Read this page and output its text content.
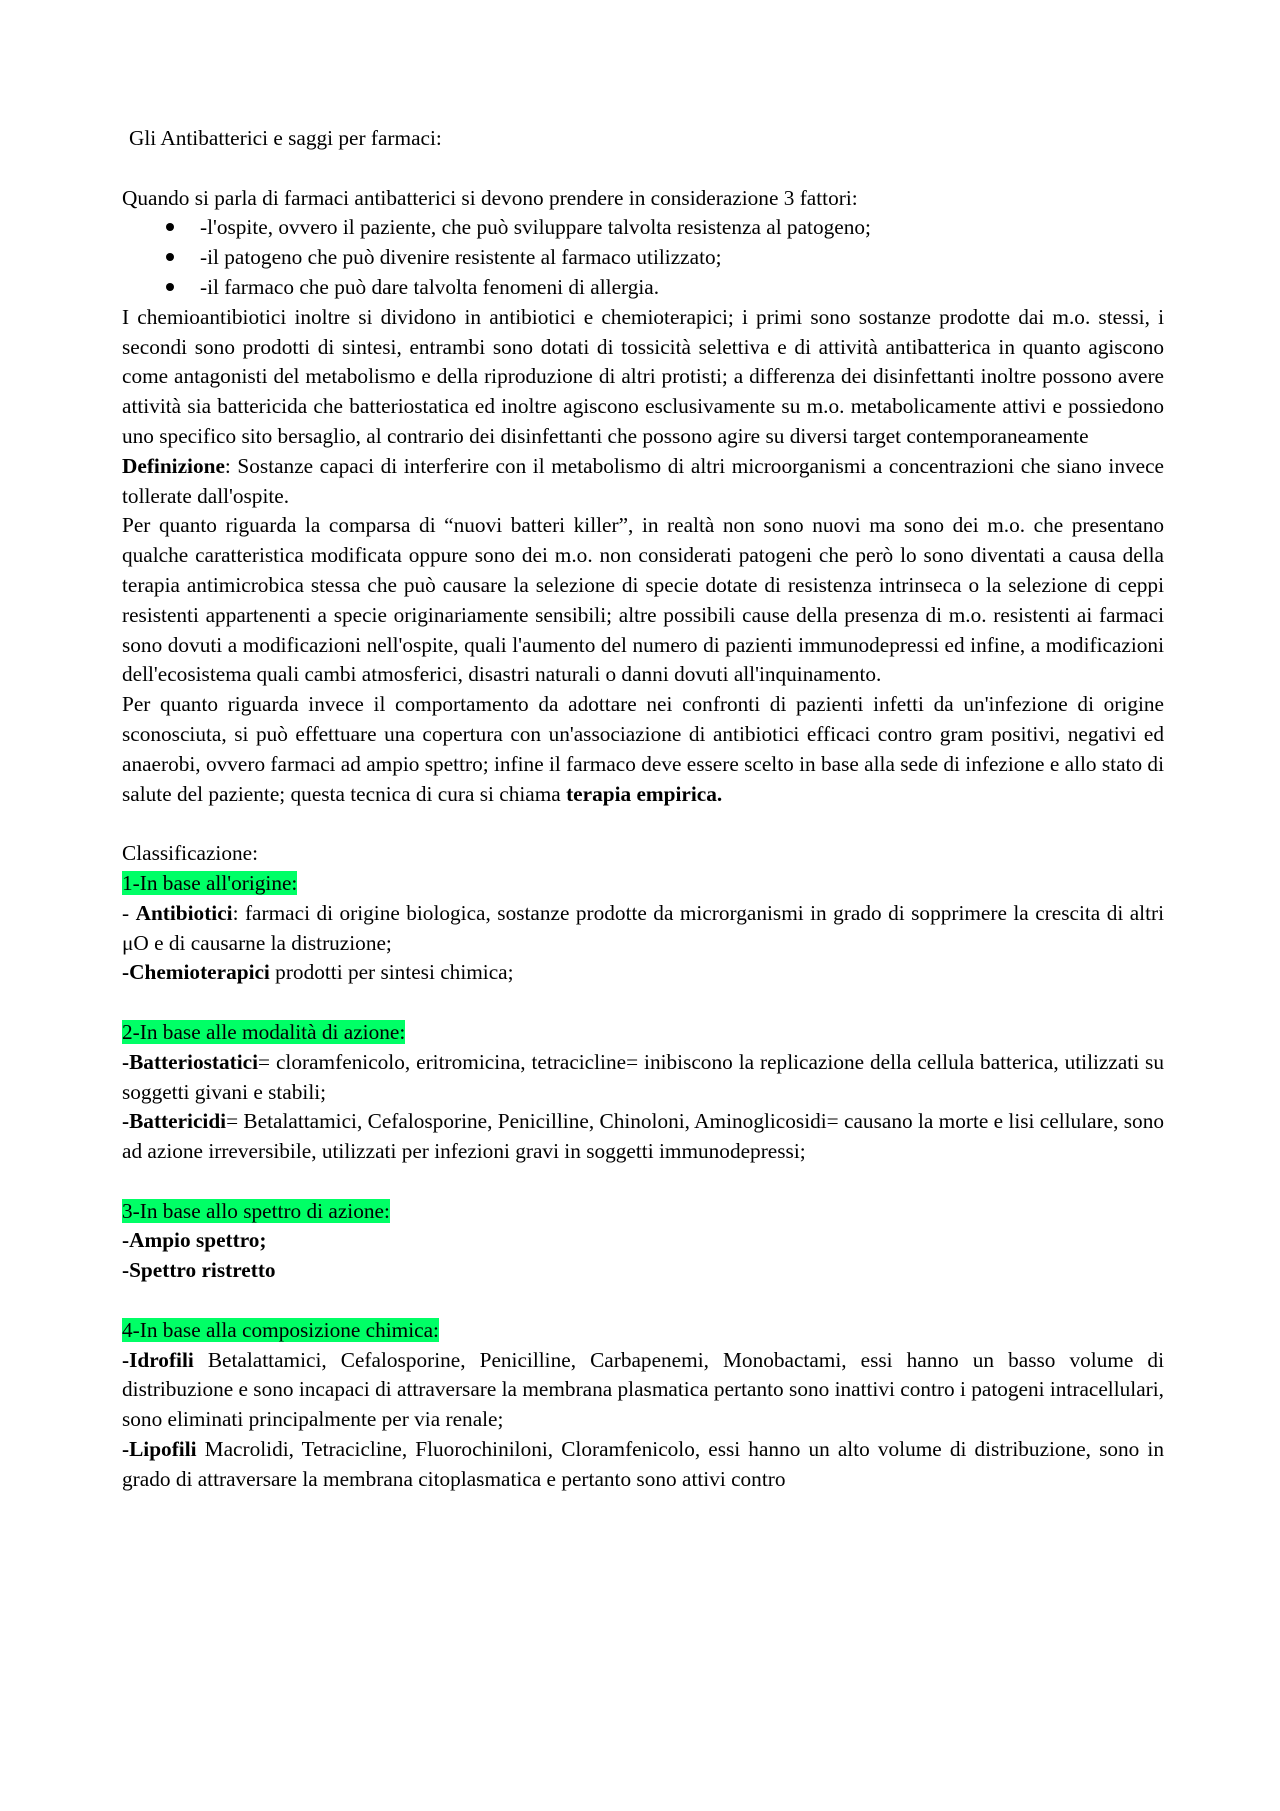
Gli Antibatterici e saggi per farmaci:

Quando si parla di farmaci antibatterici si devono prendere in considerazione 3 fattori:

-l'ospite, ovvero il paziente, che può sviluppare talvolta resistenza al patogeno;
-il patogeno che può divenire resistente al farmaco utilizzato;
-il farmaco che può dare talvolta fenomeni di allergia.

I chemioantibiotici inoltre si dividono in antibiotici e chemioterapici; i primi sono sostanze prodotte dai m.o. stessi, i secondi sono prodotti di sintesi, entrambi sono dotati di tossicità selettiva e di attività antibatterica in quanto agiscono come antagonisti del metabolismo e della riproduzione di altri protisti; a differenza dei disinfettanti inoltre possono avere attività sia battericida che batteriostatica ed inoltre agiscono esclusivamente su m.o. metabolicamente attivi e possiedono uno specifico sito bersaglio, al contrario dei disinfettanti che possono agire su diversi target contemporaneamente

Definizione: Sostanze capaci di interferire con il metabolismo di altri microorganismi a concentrazioni che siano invece tollerate dall'ospite.

Per quanto riguarda la comparsa di “nuovi batteri killer”, in realtà non sono nuovi ma sono dei m.o. che presentano qualche caratteristica modificata oppure sono dei m.o. non considerati patogeni che però lo sono diventati a causa della terapia antimicrobica stessa che può causare la selezione di specie dotate di resistenza intrinseca o la selezione di ceppi resistenti appartenenti a specie originariamente sensibili; altre possibili cause della presenza di m.o. resistenti ai farmaci sono dovuti a modificazioni nell'ospite, quali l'aumento del numero di pazienti immunodepressi ed infine, a modificazioni dell'ecosistema quali cambi atmosferici, disastri naturali o danni dovuti all'inquinamento.

Per quanto riguarda invece il comportamento da adottare nei confronti di pazienti infetti da un'infezione di origine sconosciuta, si può effettuare una copertura con un'associazione di antibiotici efficaci contro gram positivi, negativi ed anaerobi, ovvero farmaci ad ampio spettro; infine il farmaco deve essere scelto in base alla sede di infezione e allo stato di salute del paziente; questa tecnica di cura si chiama terapia empirica.

Classificazione:

1-In base all'origine:

- Antibiotici: farmaci di origine biologica, sostanze prodotte da microrganismi in grado di sopprimere la crescita di altri μO e di causarne la distruzione;

-Chemioterapici prodotti per sintesi chimica;

2-In base alle modalità di azione:

-Batteriostatici= cloramfenicolo, eritromicina, tetracicline= inibiscono la replicazione della cellula batterica, utilizzati su soggetti givani e stabili;

-Battericidi= Betalattamici, Cefalosporine, Penicilline, Chinoloni, Aminoglicosidi= causano la morte e lisi cellulare, sono ad azione irreversibile, utilizzati per infezioni gravi in soggetti immunodepressi;

3-In base allo spettro di azione:

-Ampio spettro;

-Spettro ristretto

4-In base alla composizione chimica:

-Idrofili Betalattamici, Cefalosporine, Penicilline, Carbapenemi, Monobactami, essi hanno un basso volume di distribuzione e sono incapaci di attraversare la membrana plasmatica pertanto sono inattivi contro i patogeni intracellulari, sono eliminati principalmente per via renale;

-Lipofili Macrolidi, Tetracicline, Fluorochiniloni, Cloramfenicolo, essi hanno un alto volume di distribuzione, sono in grado di attraversare la membrana citoplasmatica e pertanto sono attivi contro
